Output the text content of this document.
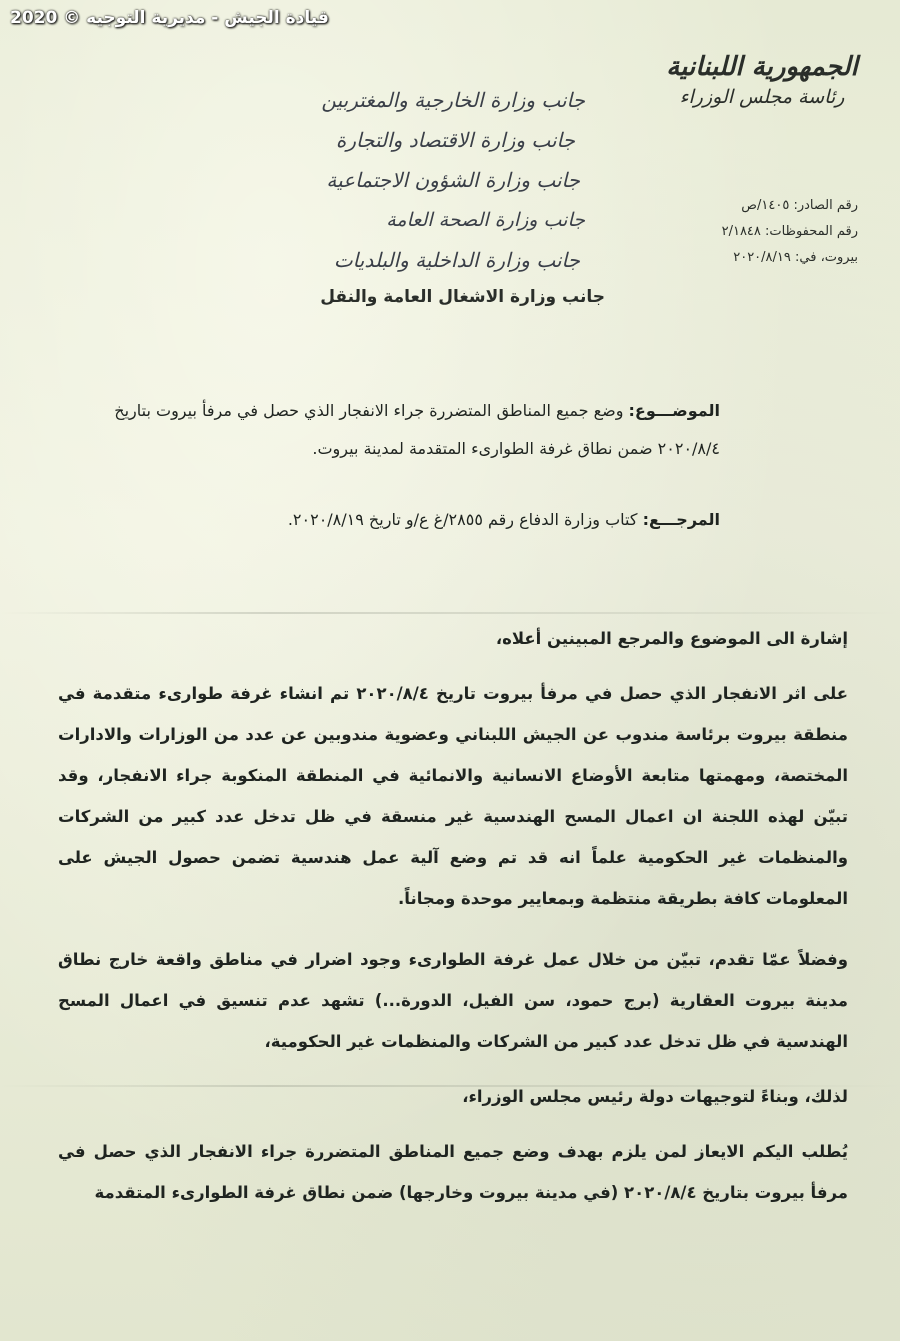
قيادة الجيش - مديرية التوجيه © 2020
الجمهورية اللبنانية
رئاسة مجلس الوزراء
رقم الصادر: ١٤٠٥/ص
رقم المحفوظات: ٢/١٨٤٨
بيروت، في: ٢٠٢٠/٨/١٩
جانب وزارة الخارجية والمغتربين
جانب وزارة الاقتصاد والتجارة
جانب وزارة الشؤون الاجتماعية
جانب وزارة الصحة العامة
جانب وزارة الداخلية والبلديات
جانب وزارة الاشغال العامة والنقل
الموضـــوع: وضع جميع المناطق المتضررة جراء الانفجار الذي حصل في مرفأ بيروت بتاريخ ٢٠٢٠/٨/٤ ضمن نطاق غرفة الطوارىء المتقدمة لمدينة بيروت.
المرجـــع: كتاب وزارة الدفاع رقم ٢٨٥٥/غ ع/و تاريخ ٢٠٢٠/٨/١٩.

إشارة الى الموضوع والمرجع المبينين أعلاه،

على اثر الانفجار الذي حصل في مرفأ بيروت تاريخ ٢٠٢٠/٨/٤ تم انشاء غرفة طوارىء متقدمة في منطقة بيروت برئاسة مندوب عن الجيش اللبناني وعضوية مندوبين عن عدد من الوزارات والادارات المختصة، ومهمتها متابعة الأوضاع الانسانية والانمائية في المنطقة المنكوبة جراء الانفجار، وقد تبيّن لهذه اللجنة ان اعمال المسح الهندسية غير منسقة في ظل تدخل عدد كبير من الشركات والمنظمات غير الحكومية علماً انه قد تم وضع آلية عمل هندسية تضمن حصول الجيش على المعلومات كافة بطريقة منتظمة وبمعايير موحدة ومجاناً.

وفضلاً عمّا تقدم، تبيّن من خلال عمل غرفة الطوارىء وجود اضرار في مناطق واقعة خارج نطاق مدينة بيروت العقارية (برج حمود، سن الفيل، الدورة...) تشهد عدم تنسيق في اعمال المسح الهندسية في ظل تدخل عدد كبير من الشركات والمنظمات غير الحكومية،

لذلك، وبناءً لتوجيهات دولة رئيس مجلس الوزراء،

يُطلب اليكم الايعاز لمن يلزم بهدف وضع جميع المناطق المتضررة جراء الانفجار الذي حصل في مرفأ بيروت بتاريخ ٢٠٢٠/٨/٤ (في مدينة بيروت وخارجها) ضمن نطاق غرفة الطوارىء المتقدمة
